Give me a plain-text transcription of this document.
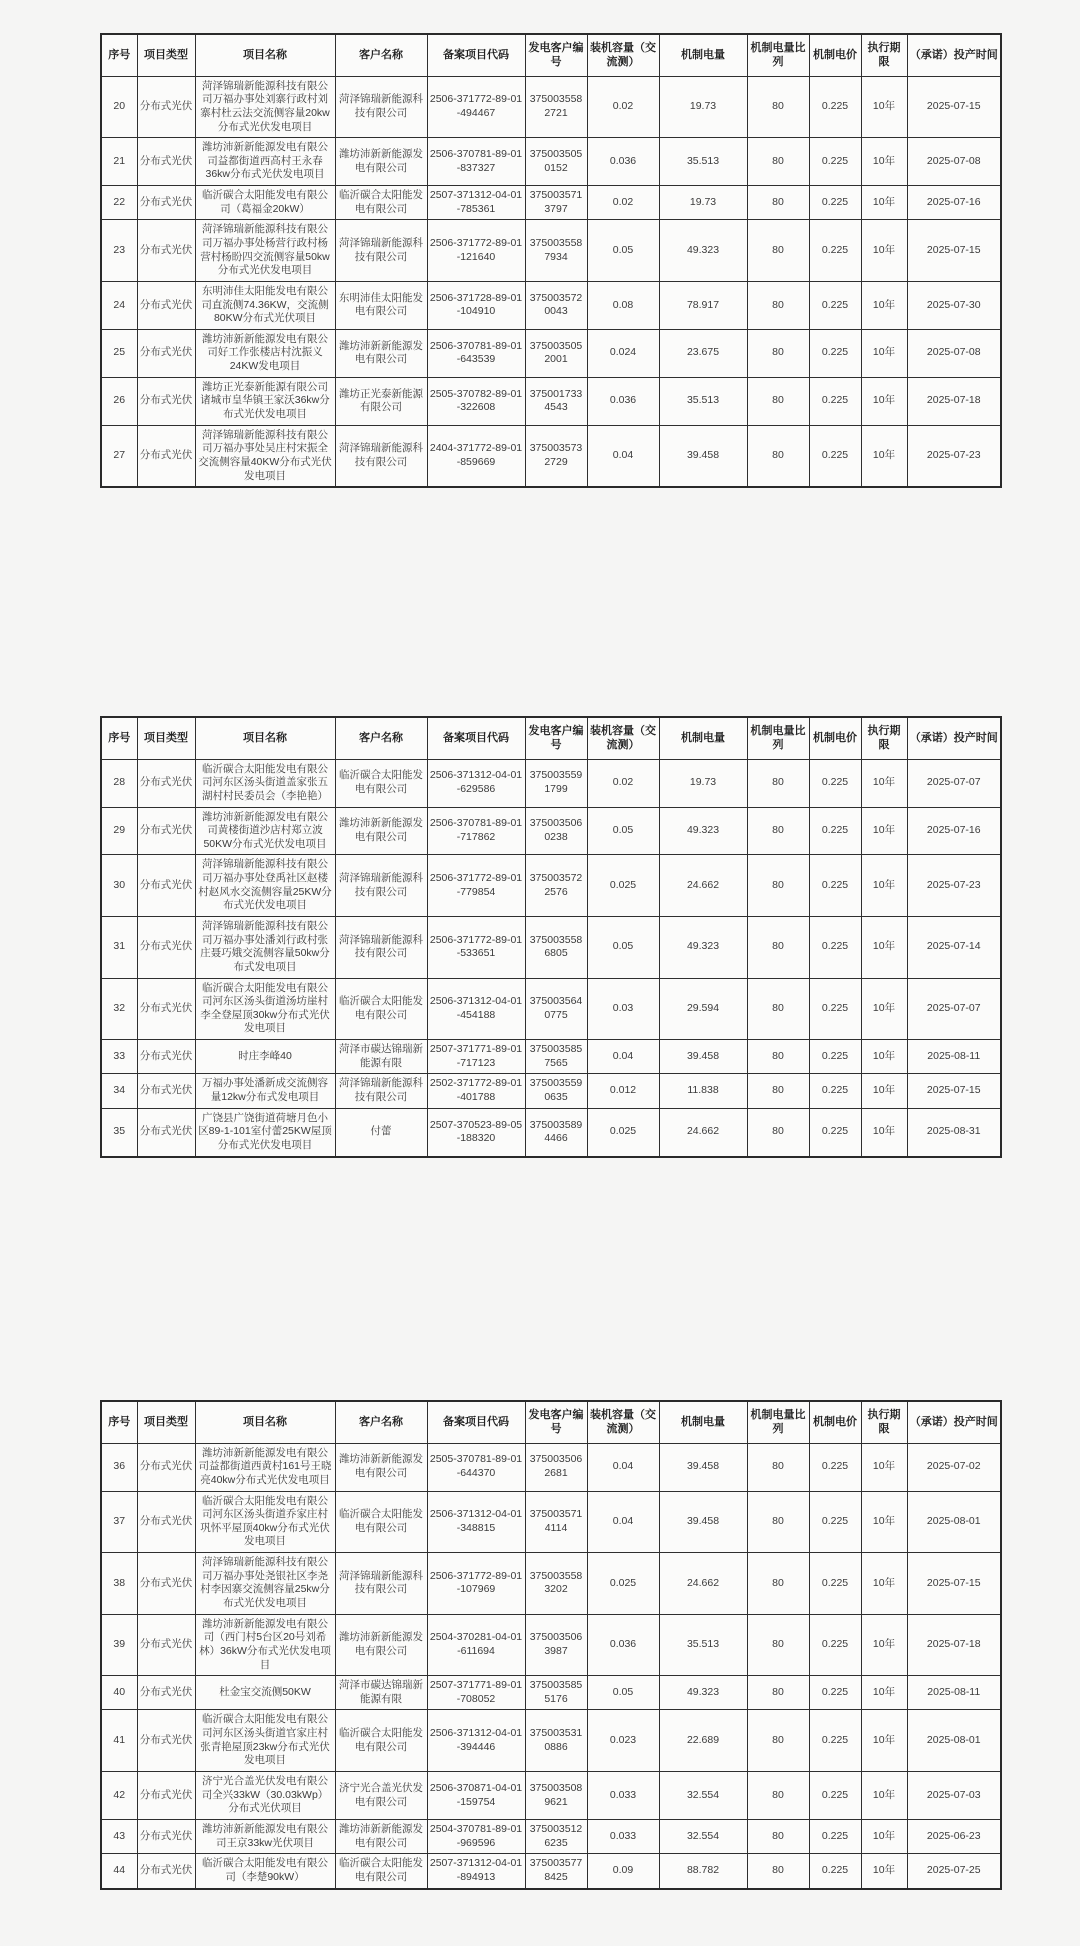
序号	项目类型	项目名称	客户名称	备案项目代码	发电客户编号	装机容量（交流测）	机制电量	机制电量比列	机制电价	执行期限	（承诺）投产时间
20	分布式光伏	菏泽锦瑞新能源科技有限公司万福办事处刘寨行政村刘寨村杜云法交流侧容量20kw分布式光伏发电项目	菏泽锦瑞新能源科技有限公司	2506-371772-89-01-494467	3750035582721	0.02	19.73	80	0.225	10年	2025-07-15
21	分布式光伏	潍坊沛新新能源发电有限公司益都街道西高村王永春36kw分布式光伏发电项目	潍坊沛新新能源发电有限公司	2506-370781-89-01-837327	3750035050152	0.036	35.513	80	0.225	10年	2025-07-08
22	分布式光伏	临沂碳合太阳能发电有限公司（葛福金20kW）	临沂碳合太阳能发电有限公司	2507-371312-04-01-785361	3750035713797	0.02	19.73	80	0.225	10年	2025-07-16
23	分布式光伏	菏泽锦瑞新能源科技有限公司万福办事处杨营行政村杨营村杨盼四交流侧容量50kw分布式光伏发电项目	菏泽锦瑞新能源科技有限公司	2506-371772-89-01-121640	3750035587934	0.05	49.323	80	0.225	10年	2025-07-15
24	分布式光伏	东明沛佳太阳能发电有限公司直流侧74.36KW，交流侧80KW分布式光伏项目	东明沛佳太阳能发电有限公司	2506-371728-89-01-104910	3750035720043	0.08	78.917	80	0.225	10年	2025-07-30
25	分布式光伏	潍坊沛新新能源发电有限公司好工作张楼店村沈振义24KW发电项目	潍坊沛新新能源发电有限公司	2506-370781-89-01-643539	3750035052001	0.024	23.675	80	0.225	10年	2025-07-08
26	分布式光伏	潍坊正光泰新能源有限公司诸城市皇华镇王家沃36kw分布式光伏发电项目	潍坊正光泰新能源有限公司	2505-370782-89-01-322608	3750017334543	0.036	35.513	80	0.225	10年	2025-07-18
27	分布式光伏	菏泽锦瑞新能源科技有限公司万福办事处吴庄村宋振全交流侧容量40KW分布式光伏发电项目	菏泽锦瑞新能源科技有限公司	2404-371772-89-01-859669	3750035732729	0.04	39.458	80	0.225	10年	2025-07-23
序号	项目类型	项目名称	客户名称	备案项目代码	发电客户编号	装机容量（交流测）	机制电量	机制电量比列	机制电价	执行期限	（承诺）投产时间
28	分布式光伏	临沂碳合太阳能发电有限公司河东区汤头街道盖家张五湖村村民委员会（李艳艳）	临沂碳合太阳能发电有限公司	2506-371312-04-01-629586	3750035591799	0.02	19.73	80	0.225	10年	2025-07-07
29	分布式光伏	潍坊沛新新能源发电有限公司黄楼街道沙店村郑立波50KW分布式光伏发电项目	潍坊沛新新能源发电有限公司	2506-370781-89-01-717862	3750035060238	0.05	49.323	80	0.225	10年	2025-07-16
30	分布式光伏	菏泽锦瑞新能源科技有限公司万福办事处登禹社区赵楼村赵风水交流侧容量25KW分布式光伏发电项目	菏泽锦瑞新能源科技有限公司	2506-371772-89-01-779854	3750035722576	0.025	24.662	80	0.225	10年	2025-07-23
31	分布式光伏	菏泽锦瑞新能源科技有限公司万福办事处潘刘行政村张庄聂巧娥交流侧容量50kw分布式发电项目	菏泽锦瑞新能源科技有限公司	2506-371772-89-01-533651	3750035586805	0.05	49.323	80	0.225	10年	2025-07-14
32	分布式光伏	临沂碳合太阳能发电有限公司河东区汤头街道汤坊崖村李全登屋顶30kw分布式光伏发电项目	临沂碳合太阳能发电有限公司	2506-371312-04-01-454188	3750035640775	0.03	29.594	80	0.225	10年	2025-07-07
33	分布式光伏	时庄李峰40	菏泽市碳达锦瑞新能源有限	2507-371771-89-01-717123	3750035857565	0.04	39.458	80	0.225	10年	2025-08-11
34	分布式光伏	万福办事处潘新成交流侧容量12kw分布式发电项目	菏泽锦瑞新能源科技有限公司	2502-371772-89-01-401788	3750035590635	0.012	11.838	80	0.225	10年	2025-07-15
35	分布式光伏	广饶县广饶街道荷塘月色小区89-1-101室付蕾25KW屋顶分布式光伏发电项目	付蕾	2507-370523-89-05-188320	3750035894466	0.025	24.662	80	0.225	10年	2025-08-31
序号	项目类型	项目名称	客户名称	备案项目代码	发电客户编号	装机容量（交流测）	机制电量	机制电量比列	机制电价	执行期限	（承诺）投产时间
36	分布式光伏	潍坊沛新新能源发电有限公司益都街道西黄村161号王晓亮40kw分布式光伏发电项目	潍坊沛新新能源发电有限公司	2505-370781-89-01-644370	3750035062681	0.04	39.458	80	0.225	10年	2025-07-02
37	分布式光伏	临沂碳合太阳能发电有限公司河东区汤头街道乔家庄村巩怀平屋顶40kw分布式光伏发电项目	临沂碳合太阳能发电有限公司	2506-371312-04-01-348815	3750035714114	0.04	39.458	80	0.225	10年	2025-08-01
38	分布式光伏	菏泽锦瑞新能源科技有限公司万福办事处尧银社区李尧村李因寨交流侧容量25kw分布式光伏发电项目	菏泽锦瑞新能源科技有限公司	2506-371772-89-01-107969	3750035583202	0.025	24.662	80	0.225	10年	2025-07-15
39	分布式光伏	潍坊沛新新能源发电有限公司（西门村5台区20号刘希林）36kW分布式光伏发电项目	潍坊沛新新能源发电有限公司	2504-370281-04-01-611694	3750035063987	0.036	35.513	80	0.225	10年	2025-07-18
40	分布式光伏	杜金宝交流侧50KW	菏泽市碳达锦瑞新能源有限	2507-371771-89-01-708052	3750035855176	0.05	49.323	80	0.225	10年	2025-08-11
41	分布式光伏	临沂碳合太阳能发电有限公司河东区汤头街道官家庄村张青艳屋顶23kw分布式光伏发电项目	临沂碳合太阳能发电有限公司	2506-371312-04-01-394446	3750035310886	0.023	22.689	80	0.225	10年	2025-08-01
42	分布式光伏	济宁光合盖光伏发电有限公司全兴33kW（30.03kWp）分布式光伏项目	济宁光合盖光伏发电有限公司	2506-370871-04-01-159754	3750035089621	0.033	32.554	80	0.225	10年	2025-07-03
43	分布式光伏	潍坊沛新新能源发电有限公司王京33kw光伏项目	潍坊沛新新能源发电有限公司	2504-370781-89-01-969596	3750035126235	0.033	32.554	80	0.225	10年	2025-06-23
44	分布式光伏	临沂碳合太阳能发电有限公司（李楚90kW）	临沂碳合太阳能发电有限公司	2507-371312-04-01-894913	3750035778425	0.09	88.782	80	0.225	10年	2025-07-25
